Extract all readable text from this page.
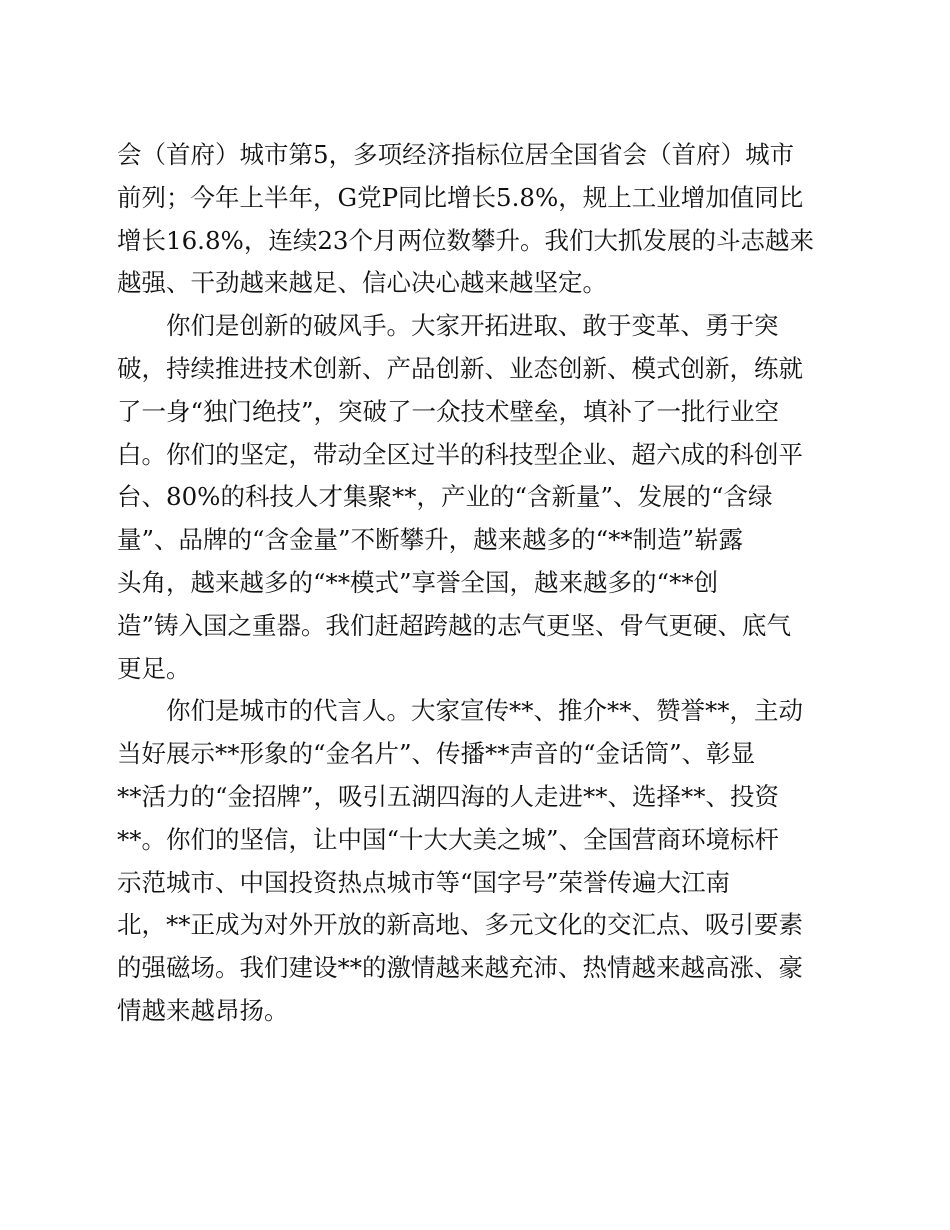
会（首府）城市第5，多项经济指标位居全国省会（首府）城市
前列；今年上半年，G党P同比增长5.8%，规上工业增加值同比
增长16.8%，连续23个月两位数攀升。我们大抓发展的斗志越来
越强、干劲越来越足、信心决心越来越坚定。
你们是创新的破风手。大家开拓进取、敢于变革、勇于突
破，持续推进技术创新、产品创新、业态创新、模式创新，练就
了一身“独门绝技”，突破了一众技术壁垒，填补了一批行业空
白。你们的坚定，带动全区过半的科技型企业、超六成的科创平
台、80%的科技人才集聚**，产业的“含新量”、发展的“含绿
量”、品牌的“含金量”不断攀升，越来越多的“**制造”崭露
头角，越来越多的“**模式”享誉全国，越来越多的“**创
造”铸入国之重器。我们赶超跨越的志气更坚、骨气更硬、底气
更足。
你们是城市的代言人。大家宣传**、推介**、赞誉**，主动
当好展示**形象的“金名片”、传播**声音的“金话筒”、彰显
**活力的“金招牌”，吸引五湖四海的人走进**、选择**、投资
**。你们的坚信，让中国“十大大美之城”、全国营商环境标杆
示范城市、中国投资热点城市等“国字号”荣誉传遍大江南
北，**正成为对外开放的新高地、多元文化的交汇点、吸引要素
的强磁场。我们建设**的激情越来越充沛、热情越来越高涨、豪
情越来越昂扬。
